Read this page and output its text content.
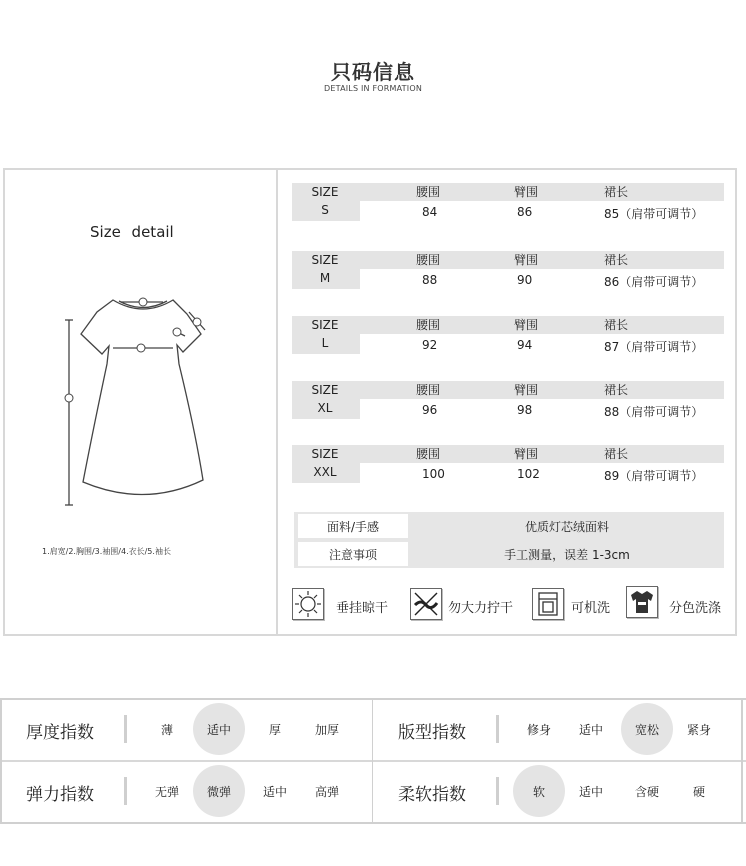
只码信息
DETAILS IN FORMATION
Size detail
1.肩宽/2.胸围/3.袖围/4.衣长/5.袖长
SIZE
S
腰围	臂围	裙长
84	86	85（肩带可调节）
SIZE
M
腰围	臂围	裙长
88	90	86（肩带可调节）
SIZE
L
腰围	臂围	裙长
92	94	87（肩带可调节）
SIZE
XL
腰围	臂围	裙长
96	98	88（肩带可调节）
SIZE
XXL
腰围	臂围	裙长
100	102	89（肩带可调节）
面料/手感	优质灯芯绒面料
注意事项	手工测量，误差 1-3cm
垂挂晾干	勿大力拧干	可机洗	分色洗涤
厚度指数	薄	适中	厚	加厚	版型指数	修身	适中	宽松	紧身
弹力指数	无弹	微弹	适中	高弹	柔软指数	软	适中	含硬	硬
